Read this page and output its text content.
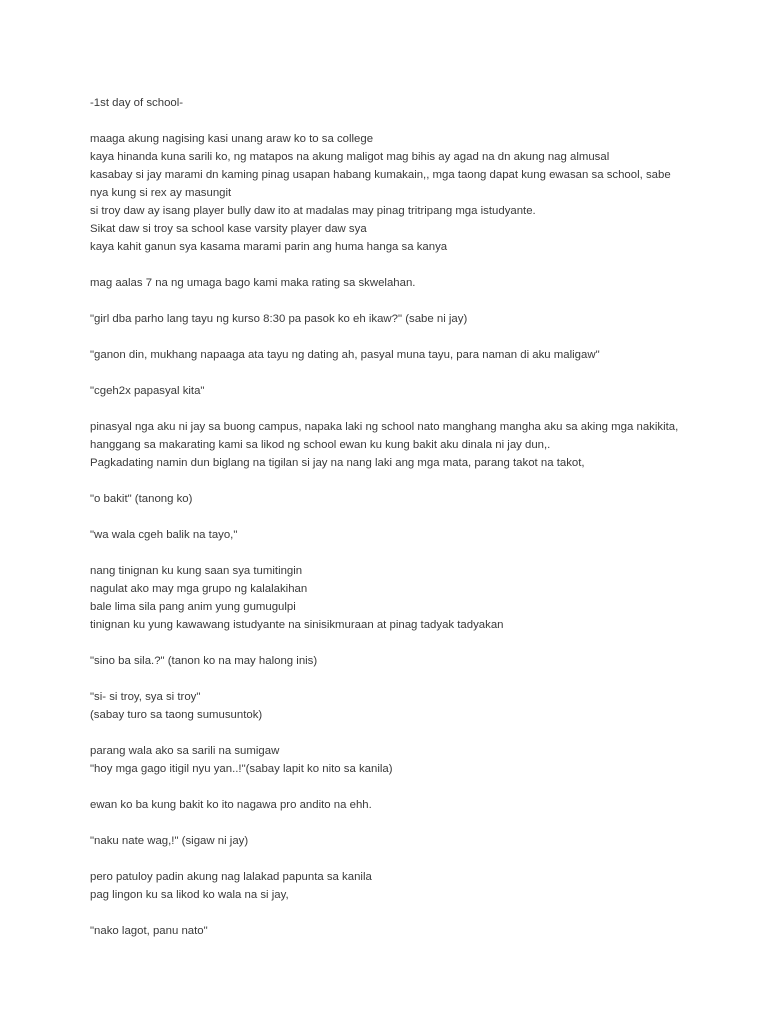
-1st day of school-
maaga akung nagising kasi unang araw ko to sa college
kaya hinanda kuna sarili ko, ng matapos na akung maligot mag bihis ay agad na dn akung nag almusal
kasabay si jay marami dn kaming pinag usapan habang kumakain,, mga taong dapat kung ewasan sa school, sabe
nya kung si rex ay masungit
si troy daw ay isang player bully daw ito at madalas may pinag tritripang mga istudyante.
Sikat daw si troy sa school kase varsity player daw sya
kaya kahit ganun sya kasama marami parin ang huma hanga sa kanya
mag aalas 7 na ng umaga bago kami maka rating sa skwelahan.
"girl dba parho lang tayu ng kurso 8:30 pa pasok ko eh ikaw?" (sabe ni jay)
"ganon din, mukhang napaaga ata tayu ng dating ah, pasyal muna tayu, para naman di aku maligaw"
"cgeh2x papasyal kita"
pinasyal nga aku ni jay sa buong campus, napaka laki ng school nato manghang mangha aku sa aking mga nakikita,
hanggang sa makarating kami sa likod ng school ewan ku kung bakit aku dinala ni jay dun,.
Pagkadating namin dun biglang na tigilan si jay na nang laki ang mga mata, parang takot na takot,
"o bakit" (tanong ko)
"wa wala cgeh balik na tayo,"
nang tinignan ku kung saan sya tumitingin
nagulat ako may mga grupo ng kalalakihan
bale lima sila pang anim yung gumugulpi
tinignan ku yung kawawang istudyante na sinisikmuraan at pinag tadyak tadyakan
"sino ba sila.?" (tanon ko na may halong inis)
"si- si troy, sya si troy"
(sabay turo sa taong sumusuntok)
parang wala ako sa sarili na sumigaw
"hoy mga gago itigil nyu yan..!"(sabay lapit ko nito sa kanila)
ewan ko ba kung bakit ko ito nagawa pro andito na ehh.
"naku nate wag,!" (sigaw ni jay)
pero patuloy padin akung nag lalakad papunta sa kanila
pag lingon ku sa likod ko wala na si jay,
"nako lagot, panu nato"
